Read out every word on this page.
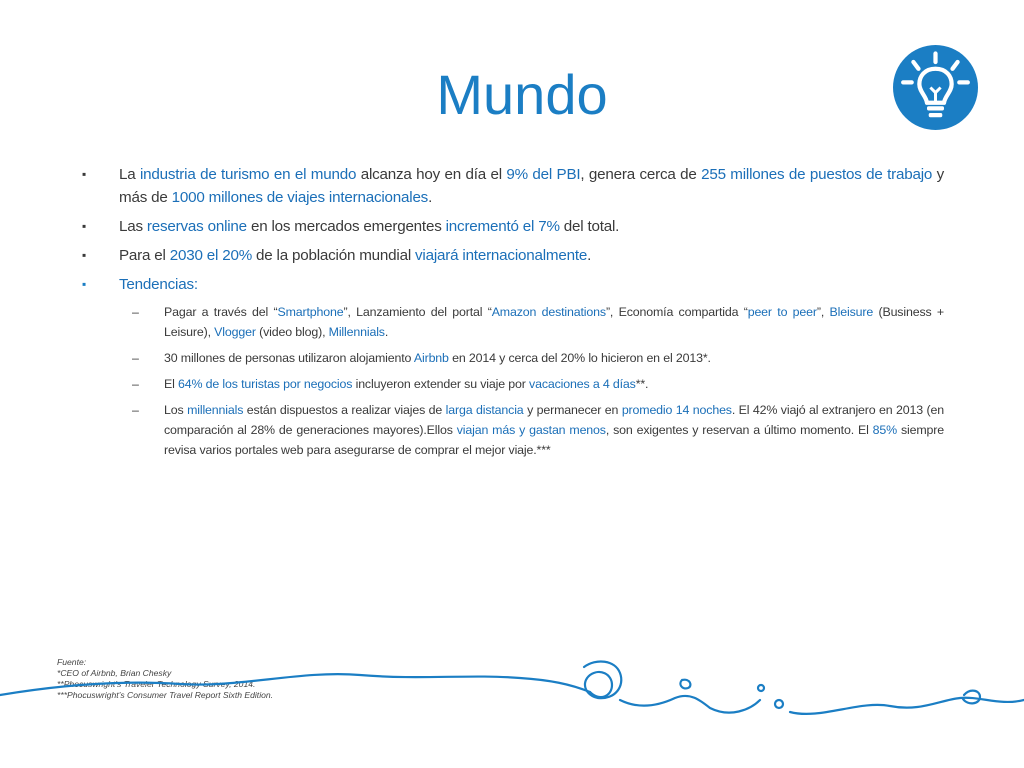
Mundo
▪	La industria de turismo en el mundo alcanza hoy en día el 9% del PBI, genera cerca de 255 millones de puestos de trabajo y más de 1000 millones de viajes internacionales.
▪	Las reservas online en los mercados emergentes incrementó el 7% del total.
▪	Para el 2030 el 20% de la población mundial viajará internacionalmente.
▪	Tendencias:
– Pagar a través del “Smartphone”, Lanzamiento del portal “Amazon destinations”, Economía compartida “peer to peer”, Bleisure (Business + Leisure), Vlogger (video blog), Millennials.
– 30 millones de personas utilizaron alojamiento Airbnb en 2014 y cerca del 20% lo hicieron en el 2013*.
– El 64% de los turistas por negocios incluyeron extender su viaje por vacaciones a 4 días**.
– Los millennials están dispuestos a realizar viajes de larga distancia y permanecer en promedio 14 noches. El 42% viajó al extranjero en 2013 (en comparación al 28% de generaciones mayores).Ellos viajan más y gastan menos, son exigentes y reservan a último momento. El 85% siempre revisa varios portales web para asegurarse de comprar el mejor viaje.***
Fuente:
*CEO of Airbnb, Brian Chesky
**Phocuswright’s Traveler Technology Survey, 2014.
***Phocuswright’s Consumer Travel Report Sixth Edition.
